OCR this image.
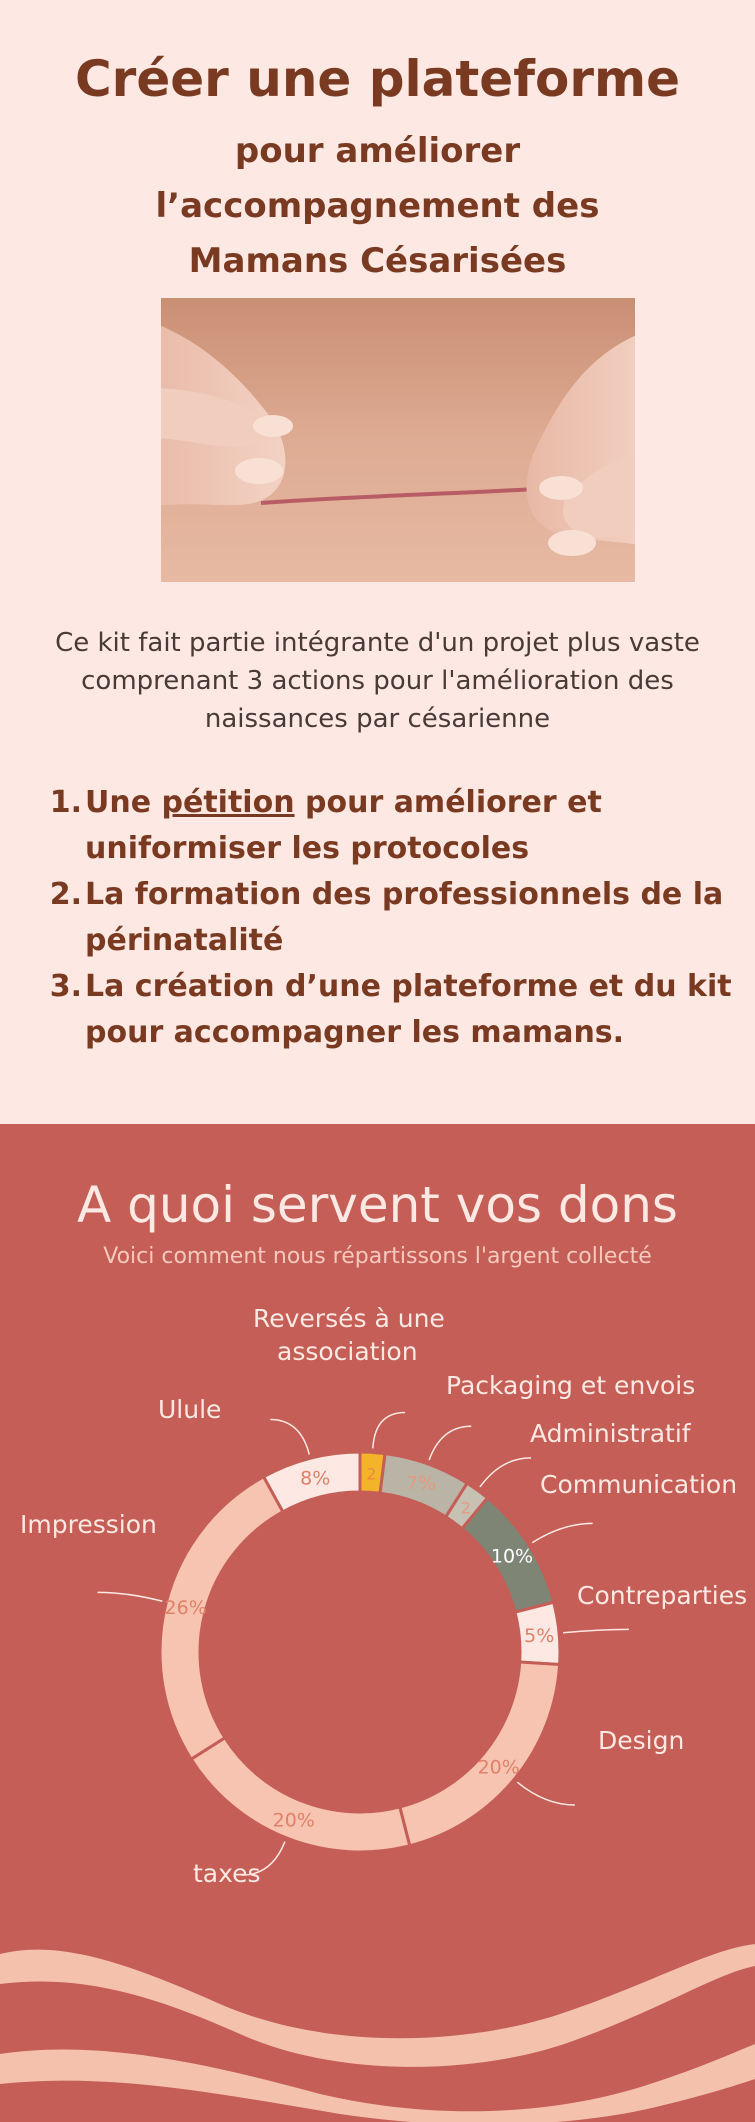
Créer une plateforme
pour améliorer
l’accompagnement des
Mamans Césarisées
Ce kit fait partie intégrante d'un projet plus vaste comprenant 3 actions pour l'amélioration des naissances par césarienne
1. Une pétition pour améliorer et uniformiser les protocoles
2. La formation des professionnels de la périnatalité
3. La création d’une plateforme et du kit pour accompagner les mamans.
A quoi servent vos dons
Voici comment nous répartissons l'argent collecté
2 7%
2
10%
5%
20%
20%
26%
8%
Reversés à une
association
Packaging et envois
Administratif
Communication
Contreparties
Design
taxes
Impression
Ulule
